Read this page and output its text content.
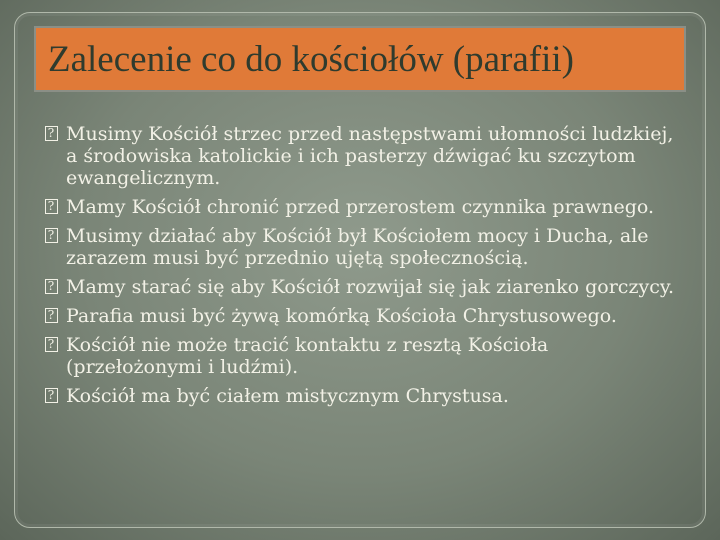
Zalecenie co do kościołów (parafii)
? Musimy Kościół strzec przed następstwami ułomności ludzkiej, a środowiska katolickie i ich pasterzy dźwigać ku szczytom ewangelicznym.
? Mamy Kościół chronić przed przerostem czynnika prawnego.
? Musimy działać aby Kościół był Kościołem mocy i Ducha, ale zarazem musi być przednio ujętą społecznością.
? Mamy starać się aby Kościół rozwijał się jak ziarenko gorczycy.
? Parafia musi być żywą komórką Kościoła Chrystusowego.
? Kościół nie może tracić kontaktu z resztą Kościoła (przełożonymi i ludźmi).
? Kościół ma być ciałem mistycznym Chrystusa.
